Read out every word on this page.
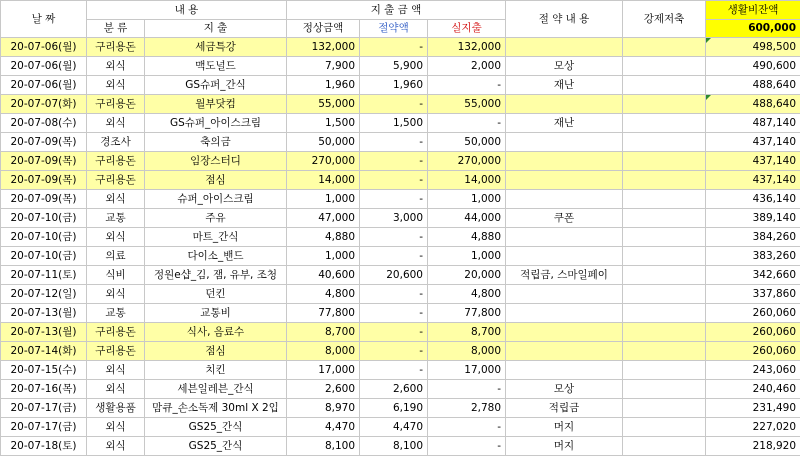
날 짜	내 용		지 출 금 액			절 약 내 용	강제저축	생활비잔액
	분 류	지 출	정상금액	절약액	실지출			600,000
20-07-06(월)	구리용돈	세금특강	132,000	-	132,000			498,500
20-07-06(월)	외식	맥도널드	7,900	5,900	2,000	모상		490,600
20-07-06(월)	외식	GS슈퍼_간식	1,960	1,960	-	재난		488,640
20-07-07(화)	구리용돈	월부닷컴	55,000	-	55,000			488,640
20-07-08(수)	외식	GS슈퍼_아이스크림	1,500	1,500	-	재난		487,140
20-07-09(목)	경조사	축의금	50,000	-	50,000			437,140
20-07-09(목)	구리용돈	임장스터디	270,000	-	270,000			437,140
20-07-09(목)	구리용돈	점심	14,000	-	14,000			437,140
20-07-09(목)	외식	슈퍼_아이스크림	1,000	-	1,000			436,140
20-07-10(금)	교통	주유	47,000	3,000	44,000	쿠폰		389,140
20-07-10(금)	외식	마트_간식	4,880	-	4,880			384,260
20-07-10(금)	의료	다이소_밴드	1,000	-	1,000			383,260
20-07-11(토)	식비	정원e샵_김, 잼, 유부, 조청	40,600	20,600	20,000	적립금, 스마일페이		342,660
20-07-12(일)	외식	던킨	4,800	-	4,800			337,860
20-07-13(월)	교통	교통비	77,800	-	77,800			260,060
20-07-13(월)	구리용돈	식사, 음료수	8,700	-	8,700			260,060
20-07-14(화)	구리용돈	점심	8,000	-	8,000			260,060
20-07-15(수)	외식	치킨	17,000	-	17,000			243,060
20-07-16(목)	외식	세븐일레븐_간식	2,600	2,600	-	모상		240,460
20-07-17(금)	생활용품	맘큐_손소독제 30ml X 2입	8,970	6,190	2,780	적립금		231,490
20-07-17(금)	외식	GS25_간식	4,470	4,470	-	머지		227,020
20-07-18(토)	외식	GS25_간식	8,100	8,100	-	머지		218,920
